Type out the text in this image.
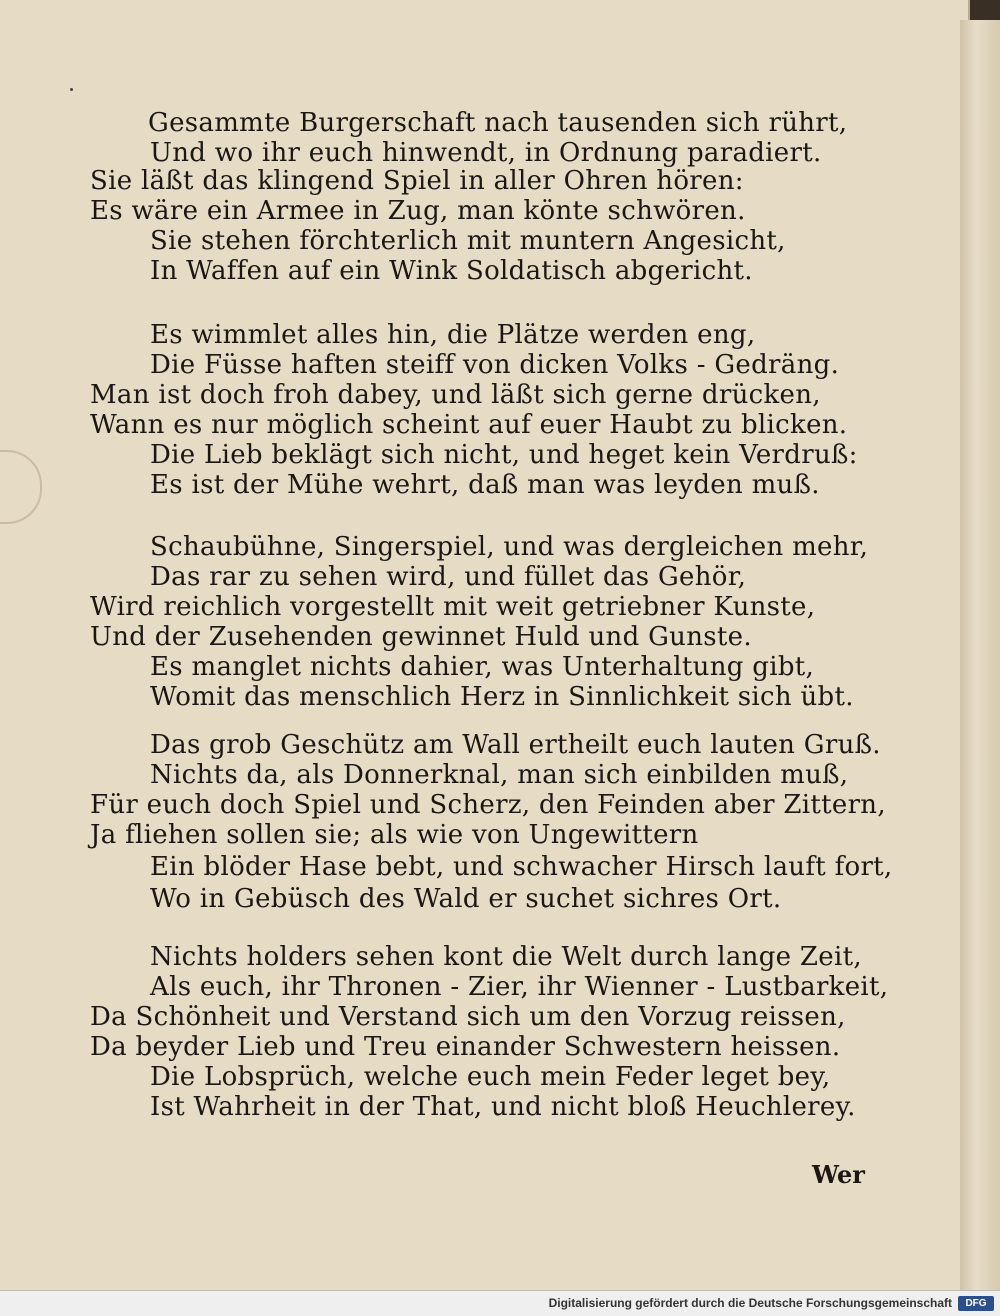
Gesammte Burgerschaft nach tausenden sich rührt,
Und wo ihr euch hinwendt, in Ordnung paradiert.
Sie läßt das klingend Spiel in aller Ohren hören:
Es wäre ein Armee in Zug, man könte schwören.
Sie stehen förchterlich mit muntern Angesicht,
In Waffen auf ein Wink Soldatisch abgericht.
Es wimmlet alles hin, die Plätze werden eng,
Die Füsse haften steiff von dicken Volks - Gedräng.
Man ist doch froh dabey, und läßt sich gerne drücken,
Wann es nur möglich scheint auf euer Haubt zu blicken.
Die Lieb beklägt sich nicht, und heget kein Verdruß:
Es ist der Mühe wehrt, daß man was leyden muß.
Schaubühne, Singerspiel, und was dergleichen mehr,
Das rar zu sehen wird, und füllet das Gehör,
Wird reichlich vorgestellt mit weit getriebner Kunste,
Und der Zusehenden gewinnet Huld und Gunste.
Es manglet nichts dahier, was Unterhaltung gibt,
Womit das menschlich Herz in Sinnlichkeit sich übt.
Das grob Geschütz am Wall ertheilt euch lauten Gruß.
Nichts da, als Donnerknal, man sich einbilden muß,
Für euch doch Spiel und Scherz, den Feinden aber Zittern,
Ja fliehen sollen sie; als wie von Ungewittern
Ein blöder Hase bebt, und schwacher Hirsch lauft fort,
Wo in Gebüsch des Wald er suchet sichres Ort.
Nichts holders sehen kont die Welt durch lange Zeit,
Als euch, ihr Thronen - Zier, ihr Wienner - Lustbarkeit,
Da Schönheit und Verstand sich um den Vorzug reissen,
Da beyder Lieb und Treu einander Schwestern heissen.
Die Lobsprüch, welche euch mein Feder leget bey,
Ist Wahrheit in der That, und nicht bloß Heuchlerey.
Wer
Digitalisierung gefördert durch die Deutsche Forschungsgemeinschaft	DFG
